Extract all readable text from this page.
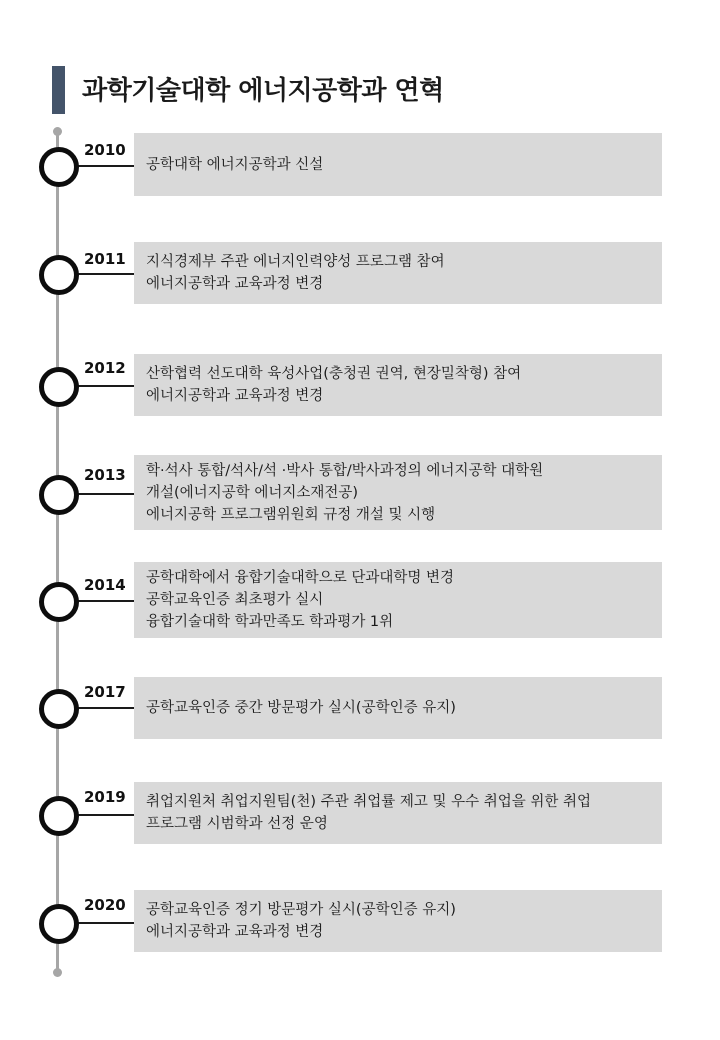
과학기술대학 에너지공학과 연혁
공학대학 에너지공학과 신설
2010
지식경제부 주관 에너지인력양성 프로그램 참여
에너지공학과 교육과정 변경
2011
산학협력 선도대학 육성사업(충청권 권역, 현장밀착형) 참여
에너지공학과 교육과정 변경
2012
학·석사 통합/석사/석 ·박사 통합/박사과정의 에너지공학 대학원
개설(에너지공학 에너지소재전공)
에너지공학 프로그램위원회 규정 개설 및 시행
2013
공학대학에서 융합기술대학으로 단과대학명 변경
공학교육인증 최초평가 실시
융합기술대학 학과만족도 학과평가 1위
2014
공학교육인증 중간 방문평가 실시(공학인증 유지)
2017
취업지원처 취업지원팀(천) 주관 취업률 제고 및 우수 취업을 위한 취업
프로그램 시범학과 선정 운영
2019
공학교육인증 정기 방문평가 실시(공학인증 유지)
에너지공학과 교육과정 변경
2020
